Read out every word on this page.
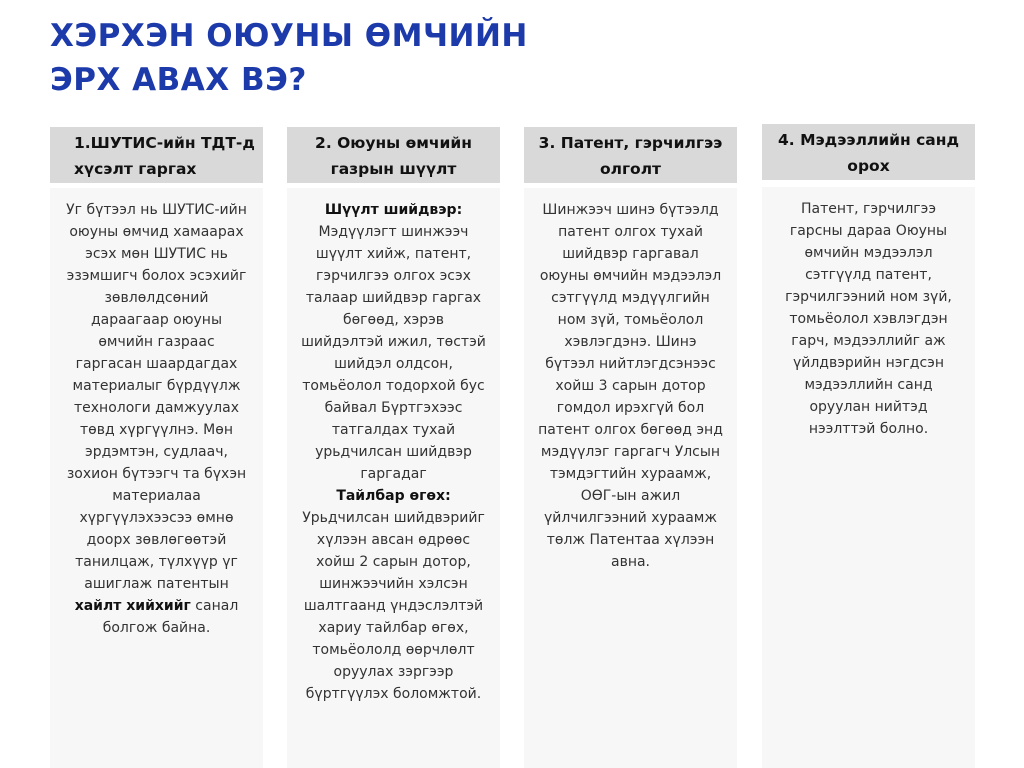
ХЭРХЭН ОЮУНЫ ӨМЧИЙН
ЭРХ АВАХ ВЭ?
1.ШУТИС-ийн ТДТ-д хүсэлт гаргах

Уг бүтээл нь ШУТИС-ийн оюуны өмчид хамаарах эсэх мөн ШУТИС нь эзэмшигч болох эсэхийг зөвлөлдсөний дараагаар оюуны өмчийн газраас гаргасан шаардагдах материалыг бүрдүүлж технологи дамжуулах төвд хүргүүлнэ. Мөн эрдэмтэн, судлаач, зохион бүтээгч та бүхэн материалаа хүргүүлэхээсээ өмнө доорх зөвлөгөөтэй танилцаж, түлхүүр үг ашиглаж патентын хайлт хийхийг санал болгож байна.

2. Оюуны өмчийн газрын шүүлт

Шүүлт шийдвэр:

Мэдүүлэгт шинжээч шүүлт хийж, патент, гэрчилгээ олгох эсэх талаар шийдвэр гаргах бөгөөд, хэрэв шийдэлтэй ижил, төстэй шийдэл олдсон, томьёолол тодорхой бус байвал Бүртгэхээс татгалдах тухай урьдчилсан шийдвэр гаргадаг

Тайлбар өгөх:

Урьдчилсан шийдвэрийг хүлээн авсан өдрөөс хойш 2 сарын дотор, шинжээчийн хэлсэн шалтгаанд үндэслэлтэй хариу тайлбар өгөх, томьёололд өөрчлөлт оруулах зэргээр бүртгүүлэх боломжтой.

3. Патент, гэрчилгээ олголт

Шинжээч шинэ бүтээлд патент олгох тухай шийдвэр гаргавал оюуны өмчийн мэдээлэл сэтгүүлд мэдүүлгийн ном зүй, томьёолол хэвлэгдэнэ. Шинэ бүтээл нийтлэгдсэнээс хойш 3 сарын дотор гомдол ирэхгүй бол патент олгох бөгөөд энд мэдүүлэг гаргагч Улсын тэмдэгтийн хураамж, ОӨГ-ын ажил үйлчилгээний хураамж төлж Патентаа хүлээн авна.

4. Мэдээллийн санд орох

Патент, гэрчилгээ гарсны дараа Оюуны өмчийн мэдээлэл сэтгүүлд патент, гэрчилгээний ном зүй, томьёолол хэвлэгдэн гарч, мэдээллийг аж үйлдвэрийн нэгдсэн мэдээллийн санд оруулан нийтэд нээлттэй болно.
